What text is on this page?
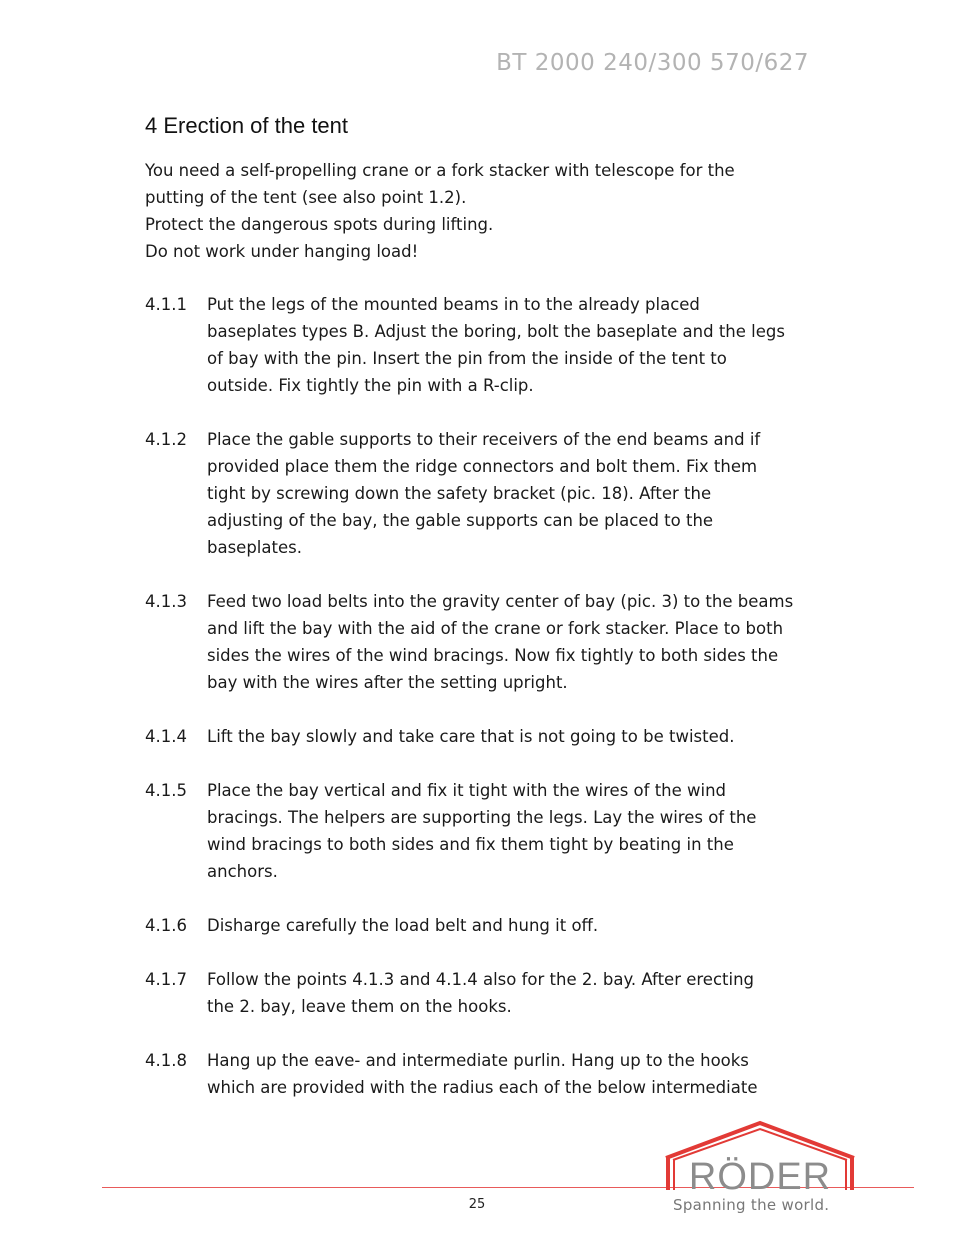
BT 2000 240/300 570/627
4 Erection of the tent
You need a self-propelling crane or a fork stacker with telescope for the
putting of the tent (see also point 1.2).
Protect the dangerous spots during lifting.
Do not work under hanging load!
4.1.1	Put the legs of the mounted beams in to the already placed
baseplates types B. Adjust the boring, bolt the baseplate and the legs
of bay with the pin. Insert the pin from the inside of the tent to
outside. Fix tightly the pin with a R-clip.
4.1.2	Place the gable supports to their receivers of the end beams and if
provided place them the ridge connectors and bolt them. Fix them
tight by screwing down the safety bracket (pic. 18). After the
adjusting of the bay, the gable supports can be placed to the
baseplates.
4.1.3	Feed two load belts into the gravity center of bay (pic. 3) to the beams
and lift the bay with the aid of the crane or fork stacker. Place to both
sides the wires of the wind bracings. Now fix tightly to both sides the
bay with the wires after the setting upright.
4.1.4	Lift the bay slowly and take care that is not going to be twisted.
4.1.5	Place the bay vertical and fix it tight with the wires of the wind
bracings. The helpers are supporting the legs. Lay the wires of the
wind bracings to both sides and fix them tight by beating in the
anchors.
4.1.6	Disharge carefully the load belt and hung it off.
4.1.7	Follow the points 4.1.3 and 4.1.4 also for the 2. bay. After erecting
the 2. bay, leave them on the hooks.
4.1.8	Hang up the eave- and intermediate purlin. Hang up to the hooks
which are provided with the radius each of the below intermediate
25
RÖDER
Spanning the world.
